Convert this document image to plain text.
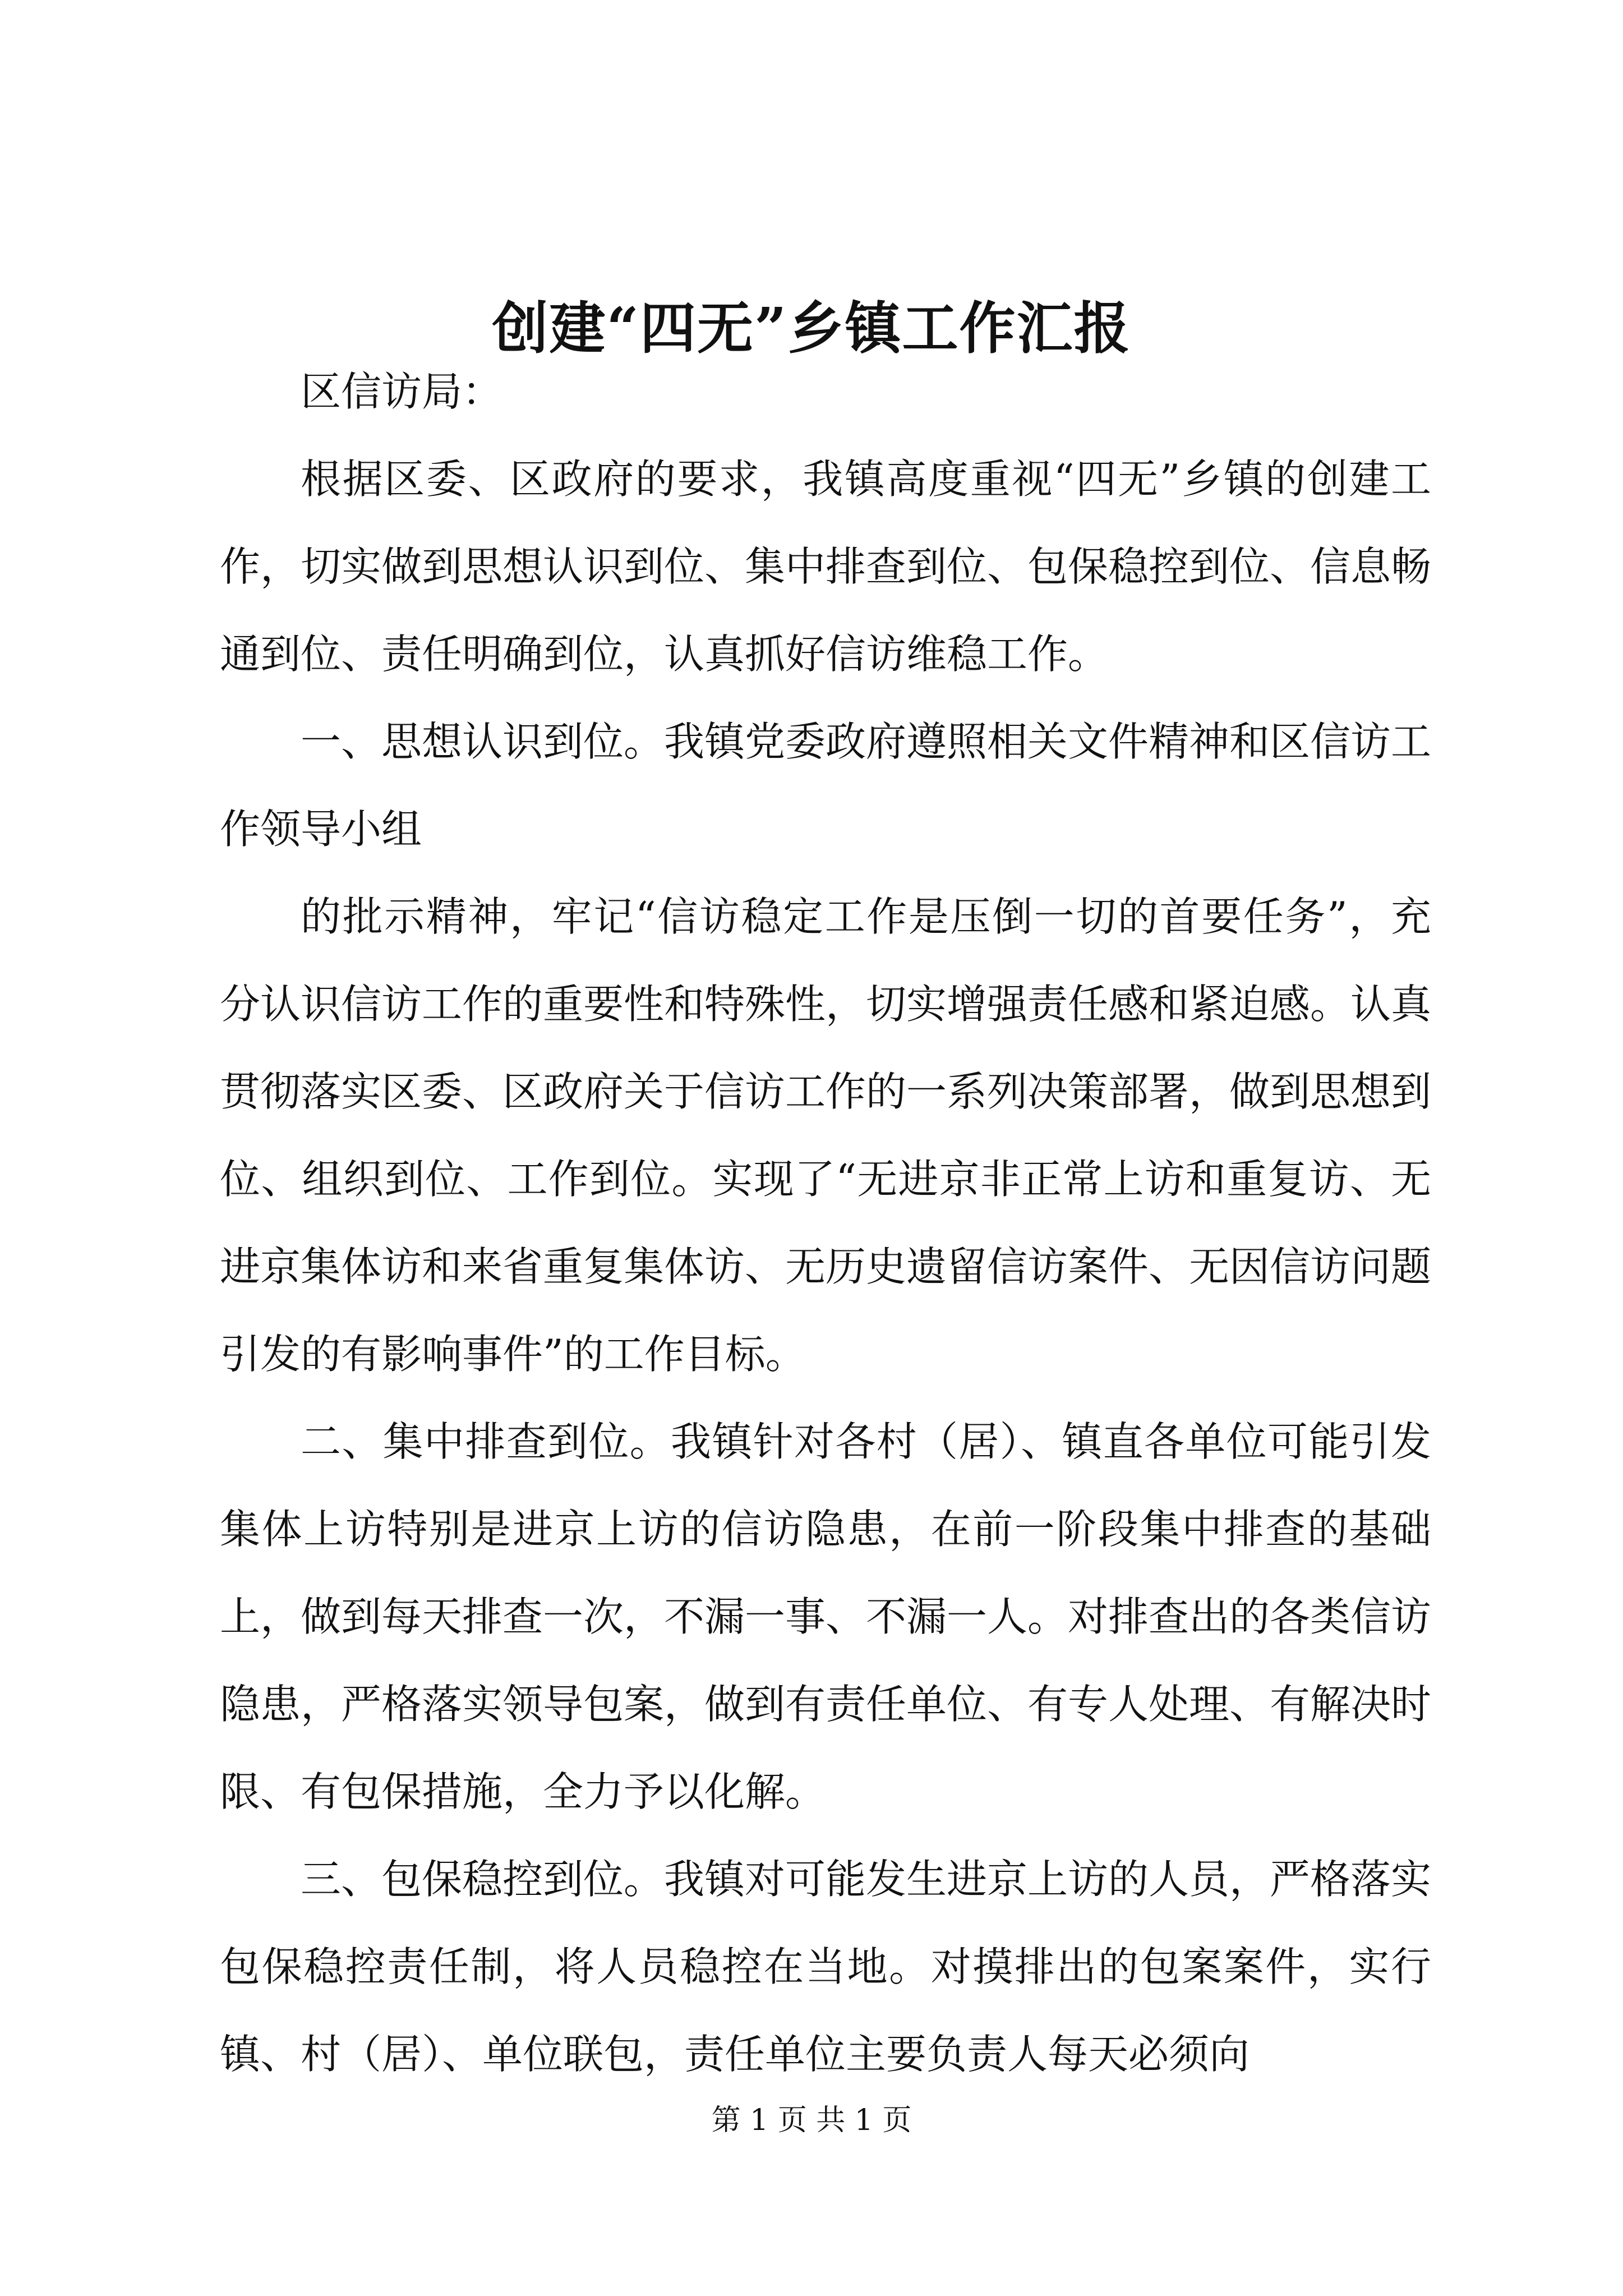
创建“四无”乡镇工作汇报

区信访局：

根据区委、区政府的要求，我镇高度重视“四无”乡镇的创建工作，切实做到思想认识到位、集中排查到位、包保稳控到位、信息畅通到位、责任明确到位，认真抓好信访维稳工作。

一、思想认识到位。我镇党委政府遵照相关文件精神和区信访工作领导小组

的批示精神，牢记“信访稳定工作是压倒一切的首要任务”，充分认识信访工作的重要性和特殊性，切实增强责任感和紧迫感。认真贯彻落实区委、区政府关于信访工作的一系列决策部署，做到思想到位、组织到位、工作到位。实现了“无进京非正常上访和重复访、无进京集体访和来省重复集体访、无历史遗留信访案件、无因信访问题引发的有影响事件”的工作目标。

二、集中排查到位。我镇针对各村（居）、镇直各单位可能引发集体上访特别是进京上访的信访隐患，在前一阶段集中排查的基础上，做到每天排查一次，不漏一事、不漏一人。对排查出的各类信访隐患，严格落实领导包案，做到有责任单位、有专人处理、有解决时限、有包保措施，全力予以化解。

三、包保稳控到位。我镇对可能发生进京上访的人员，严格落实包保稳控责任制，将人员稳控在当地。对摸排出的包案案件，实行镇、村（居）、单位联包，责任单位主要负责人每天必须向

第 1 页 共 1 页
